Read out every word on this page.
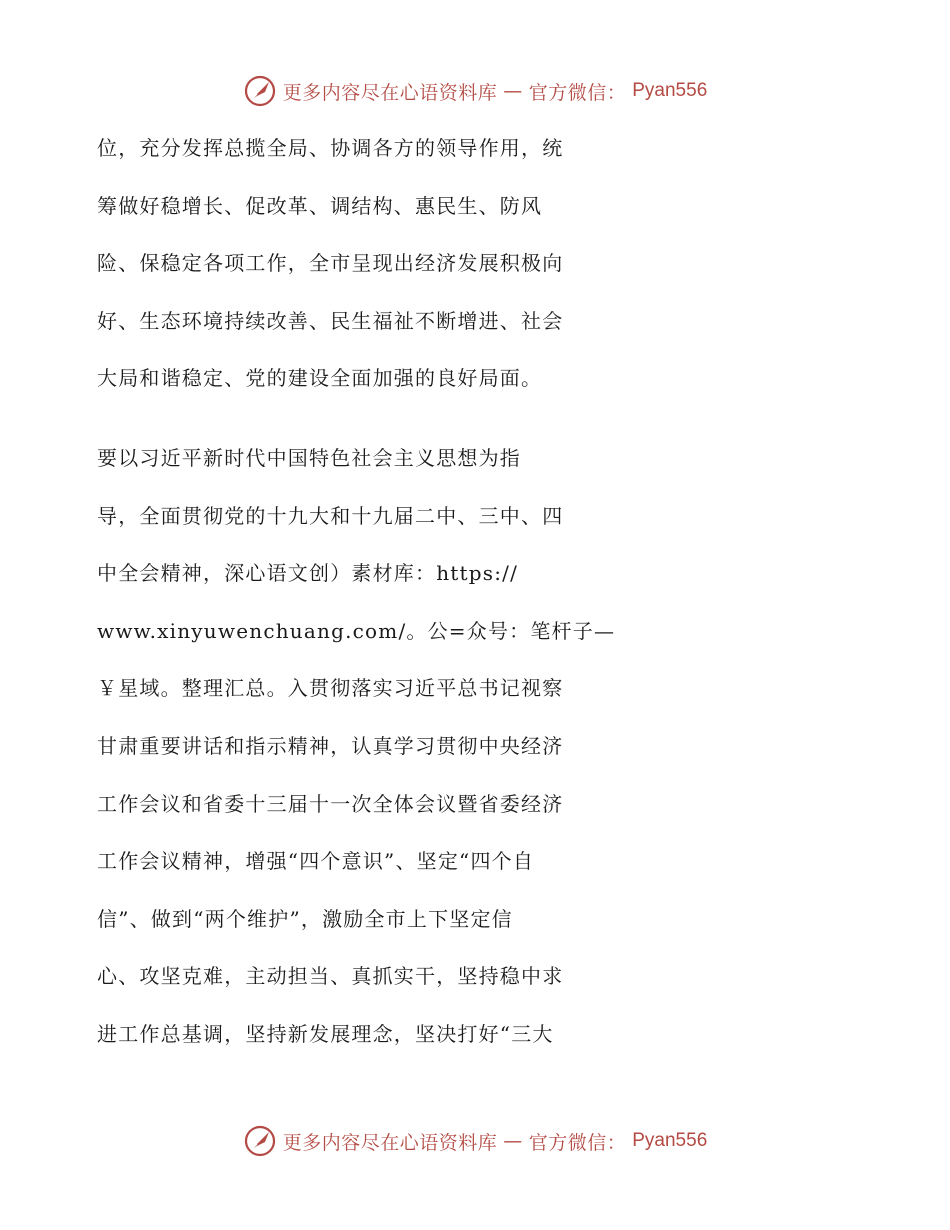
更多内容尽在心语资料库 — 官方微信： Pyan556
位，充分发挥总揽全局、协调各方的领导作用，统
筹做好稳增长、促改革、调结构、惠民生、防风
险、保稳定各项工作，全市呈现出经济发展积极向
好、生态环境持续改善、民生福祉不断增进、社会
大局和谐稳定、党的建设全面加强的良好局面。
要以习近平新时代中国特色社会主义思想为指
导，全面贯彻党的十九大和十九届二中、三中、四
中全会精神，深心语文创）素材库：https://
www.xinyuwenchuang.com/。公=众号：笔杆子—
￥星域。整理汇总。入贯彻落实习近平总书记视察
甘肃重要讲话和指示精神，认真学习贯彻中央经济
工作会议和省委十三届十一次全体会议暨省委经济
工作会议精神，增强“四个意识”、坚定“四个自
信”、做到“两个维护”，激励全市上下坚定信
心、攻坚克难，主动担当、真抓实干，坚持稳中求
进工作总基调，坚持新发展理念，坚决打好“三大
更多内容尽在心语资料库 — 官方微信： Pyan556
